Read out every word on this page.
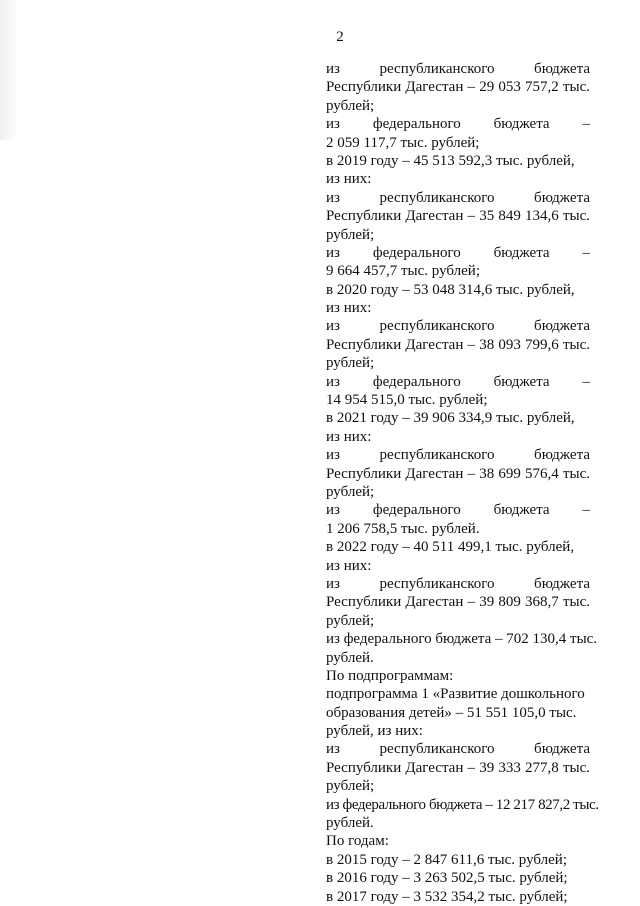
2
из республиканского бюджета
Республики Дагестан – 29 053 757,2 тыс.
рублей;
из федерального бюджета –
2 059 117,7 тыс. рублей;
в 2019 году – 45 513 592,3 тыс. рублей,
из них:
из республиканского бюджета
Республики Дагестан – 35 849 134,6 тыс.
рублей;
из федерального бюджета –
9 664 457,7 тыс. рублей;
в 2020 году – 53 048 314,6 тыс. рублей,
из них:
из республиканского бюджета
Республики Дагестан – 38 093 799,6 тыс.
рублей;
из федерального бюджета –
14 954 515,0 тыс. рублей;
в 2021 году – 39 906 334,9 тыс. рублей,
из них:
из республиканского бюджета
Республики Дагестан – 38 699 576,4 тыс.
рублей;
из федерального бюджета –
1 206 758,5 тыс. рублей.
в 2022 году – 40 511 499,1 тыс. рублей,
из них:
из республиканского бюджета
Республики Дагестан – 39 809 368,7 тыс.
рублей;
из федерального бюджета – 702 130,4 тыс.
рублей.
По подпрограммам:
подпрограмма 1 «Развитие дошкольного
образования детей» – 51 551 105,0 тыс.
рублей, из них:
из республиканского бюджета
Республики Дагестан – 39 333 277,8 тыс.
рублей;
из федерального бюджета – 12 217 827,2 тыс.
рублей.
По годам:
в 2015 году – 2 847 611,6 тыс. рублей;
в 2016 году – 3 263 502,5 тыс. рублей;
в 2017 году – 3 532 354,2 тыс. рублей;
